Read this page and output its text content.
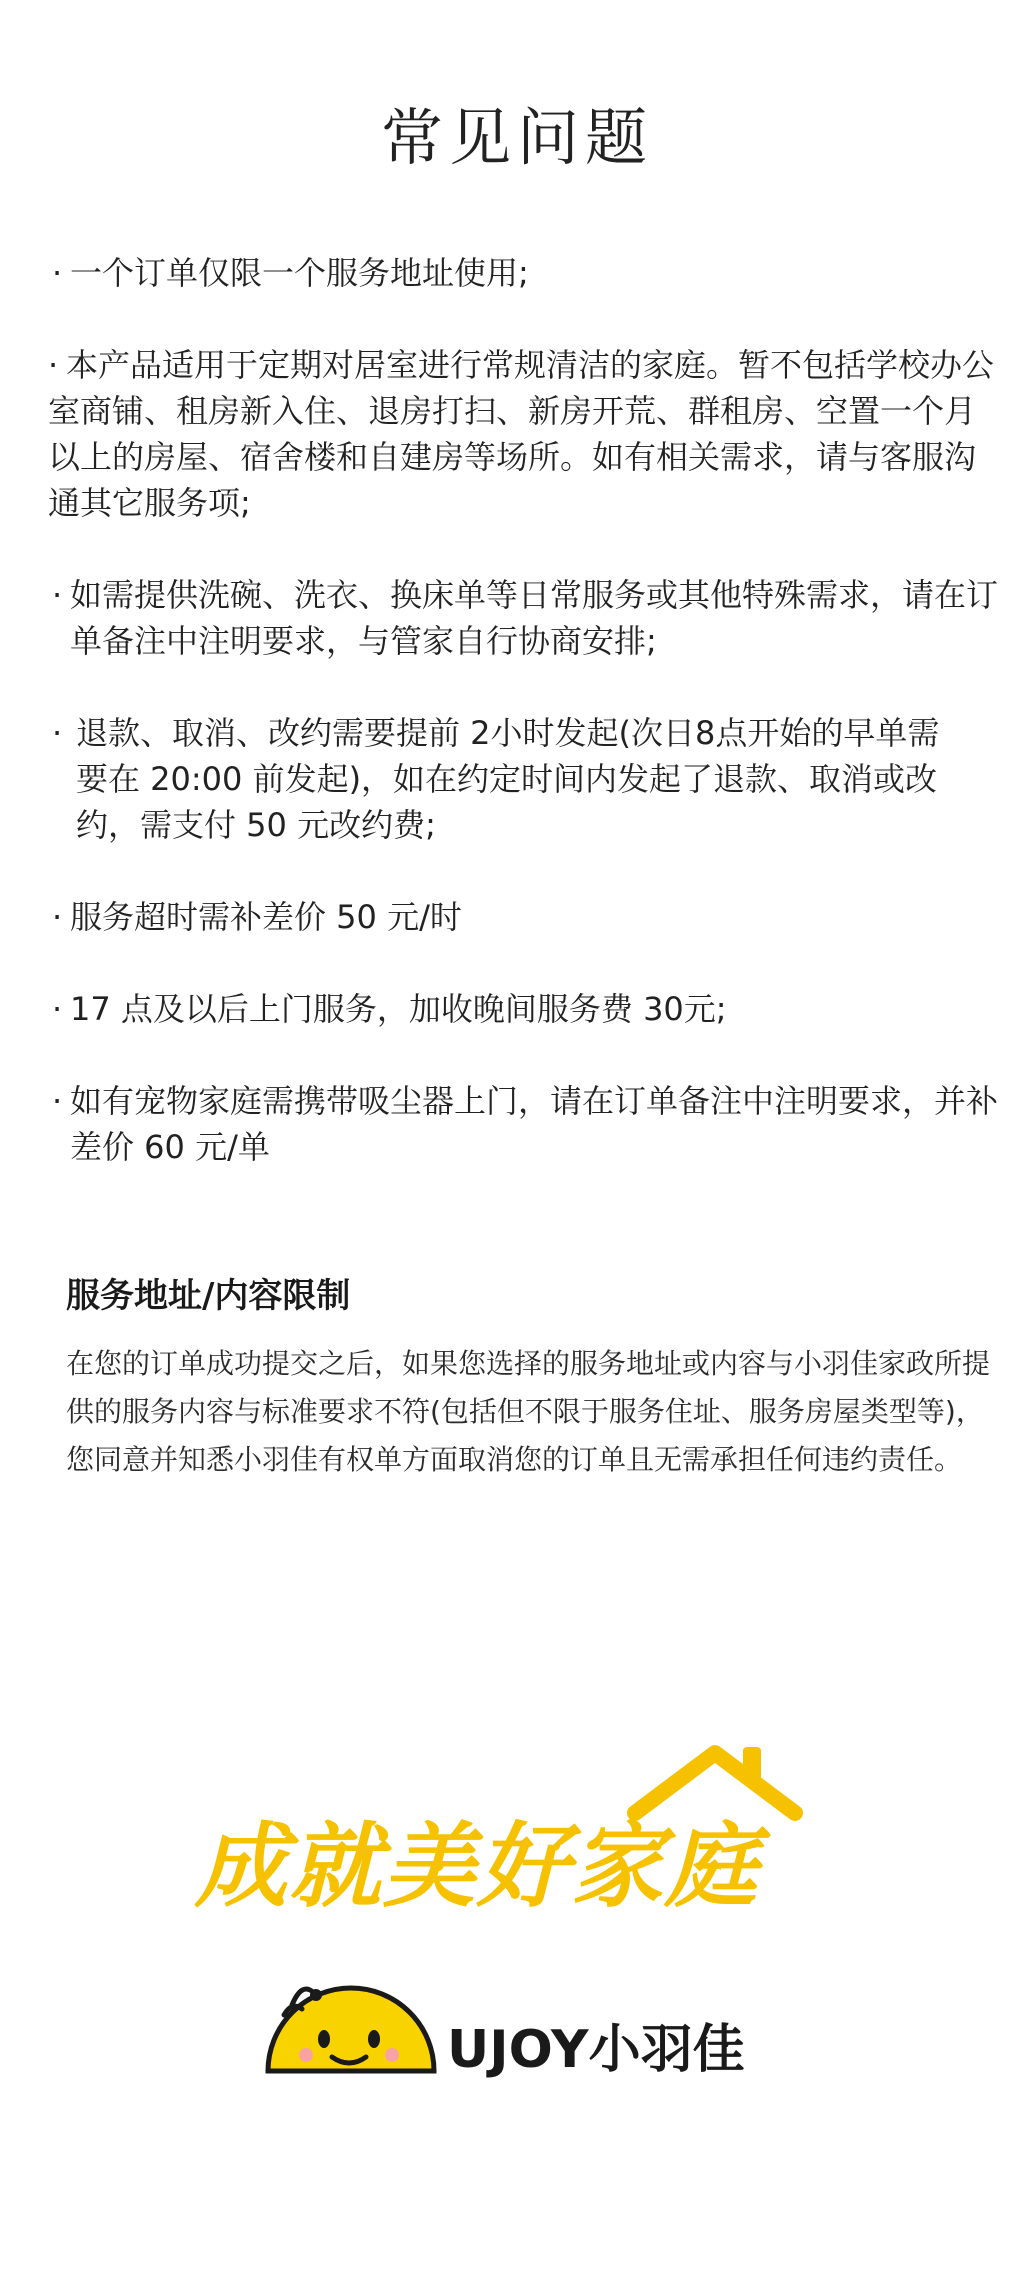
常见问题
· 一个订单仅限一个服务地址使用;
· 本产品适用于定期对居室进行常规清洁的家庭。暂不包括学校办公室商铺、租房新入住、退房打扫、新房开荒、群租房、空置一个月以上的房屋、宿舍楼和自建房等场所。如有相关需求，请与客服沟通其它服务项;
· 如需提供洗碗、洗衣、换床单等日常服务或其他特殊需求，请在订单备注中注明要求，与管家自行协商安排;
· 退款、取消、改约需要提前 2小时发起(次日8点开始的早单需要在 20:00 前发起)，如在约定时间内发起了退款、取消或改约，需支付 50 元改约费;
· 服务超时需补差价 50 元/时
· 17 点及以后上门服务，加收晚间服务费 30元;
· 如有宠物家庭需携带吸尘器上门，请在订单备注中注明要求，并补差价 60 元/单
服务地址/内容限制
在您的订单成功提交之后，如果您选择的服务地址或内容与小羽佳家政所提供的服务内容与标准要求不符(包括但不限于服务住址、服务房屋类型等)，您同意并知悉小羽佳有权单方面取消您的订单且无需承担任何违约责任。
成就美好家庭
UJOY小羽佳
